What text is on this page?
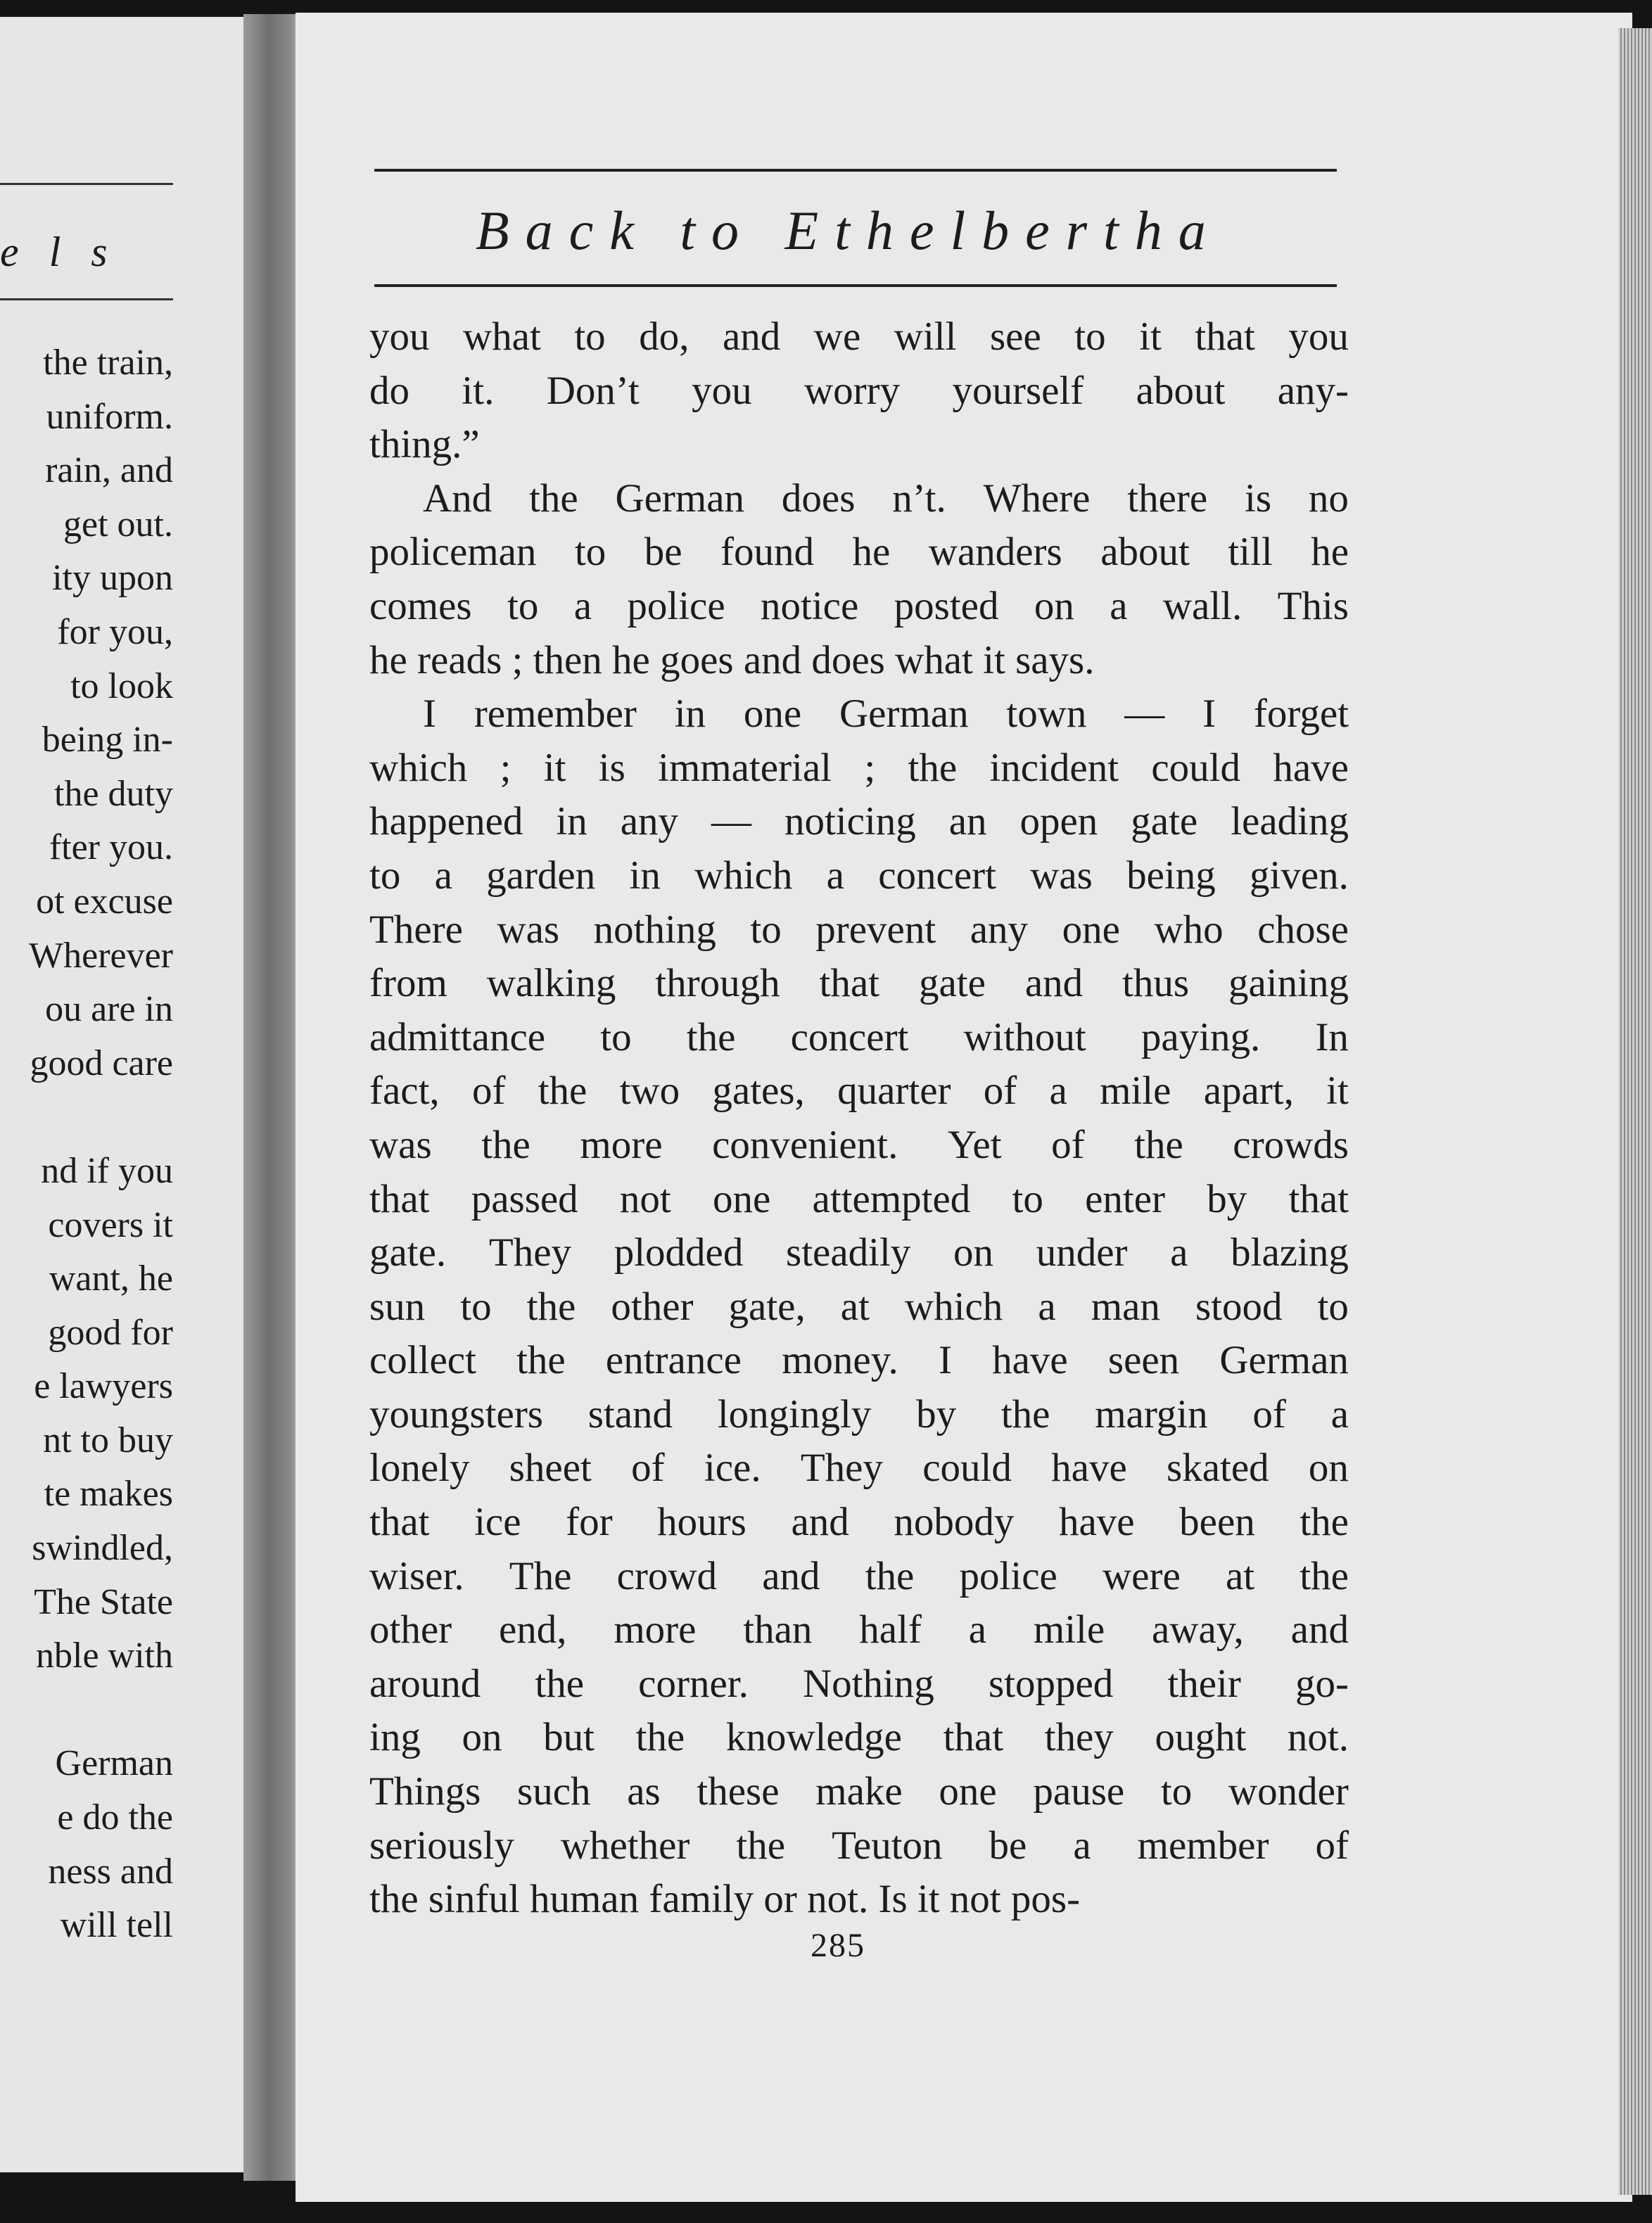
e l s
the train,
uniform.
rain, and
get out.
ity upon
for you,
to look
being in-
the duty
fter you.
ot excuse
Wherever
ou are in
good care
nd if you
covers it
want, he
good for
e lawyers
nt to buy
te makes
swindled,
The State
nble with
German
e do the
ness and
will tell
Back to Ethelbertha
you what to do, and we will see to it that you
do it. Don’t you worry yourself about any-
thing.”
And the German does n’t. Where there is no
policeman to be found he wanders about till he
comes to a police notice posted on a wall. This
he reads ; then he goes and does what it says.
I remember in one German town — I forget
which ; it is immaterial ; the incident could have
happened in any — noticing an open gate leading
to a garden in which a concert was being given.
There was nothing to prevent any one who chose
from walking through that gate and thus gaining
admittance to the concert without paying. In
fact, of the two gates, quarter of a mile apart, it
was the more convenient. Yet of the crowds
that passed not one attempted to enter by that
gate. They plodded steadily on under a blazing
sun to the other gate, at which a man stood to
collect the entrance money. I have seen German
youngsters stand longingly by the margin of a
lonely sheet of ice. They could have skated on
that ice for hours and nobody have been the
wiser. The crowd and the police were at the
other end, more than half a mile away, and
around the corner. Nothing stopped their go-
ing on but the knowledge that they ought not.
Things such as these make one pause to wonder
seriously whether the Teuton be a member of
the sinful human family or not. Is it not pos-
285
